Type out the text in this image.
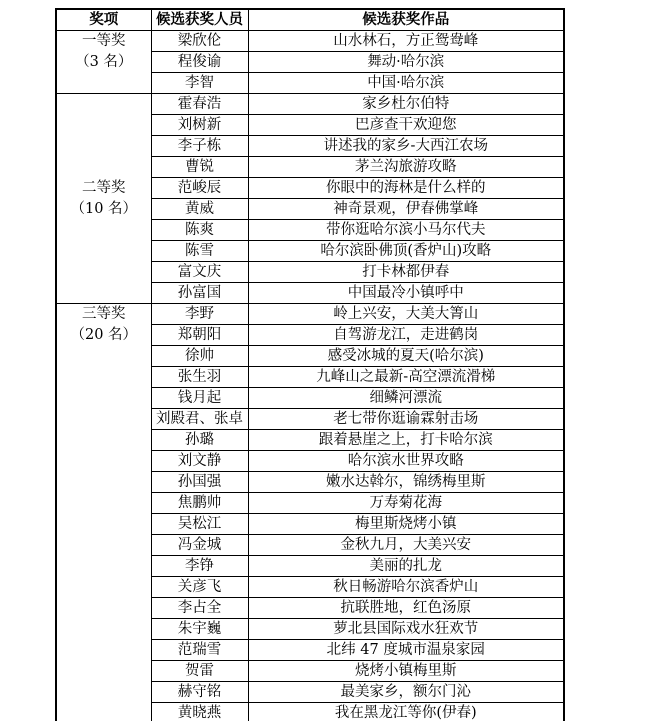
奖项	候选获奖人员	候选获奖作品

一等奖
（3 名）	梁欣伦	山水林石，方正鸳鸯峰
	程俊谕	舞动·哈尔滨
	李智	中国·哈尔滨

二等奖
（10 名）	霍春浩	家乡杜尔伯特
	刘树新	巴彦查干欢迎您
	李子栋	讲述我的家乡-大西江农场
	曹锐	茅兰沟旅游攻略
	范峻辰	你眼中的海林是什么样的
	黄威	神奇景观，伊春佛掌峰
	陈爽	带你逛哈尔滨小马尔代夫
	陈雪	哈尔滨卧佛顶(香炉山)攻略
	富文庆	打卡林都伊春
	孙富国	中国最冷小镇呼中

三等奖
（20 名）	李野	岭上兴安，大美大箐山
	郑朝阳	自驾游龙江，走进鹤岗
	徐帅	感受冰城的夏天(哈尔滨)
	张生羽	九峰山之最新-高空漂流滑梯
	钱月起	细鳞河漂流
	刘殿君、张卓	老七带你逛谕霖射击场
	孙璐	跟着悬崖之上，打卡哈尔滨
	刘文静	哈尔滨水世界攻略
	孙国强	嫩水达斡尔，锦绣梅里斯
	焦鹏帅	万寿菊花海
	吴松江	梅里斯烧烤小镇
	冯金城	金秋九月，大美兴安
	李铮	美丽的扎龙
	关彦飞	秋日畅游哈尔滨香炉山
	李占全	抗联胜地，红色汤原
	朱宇巍	萝北县国际戏水狂欢节
	范瑞雪	北纬 47 度城市温泉家园
	贺雷	烧烤小镇梅里斯
	赫守铭	最美家乡，额尔门沁
	黄晓燕	我在黑龙江等你(伊春)
